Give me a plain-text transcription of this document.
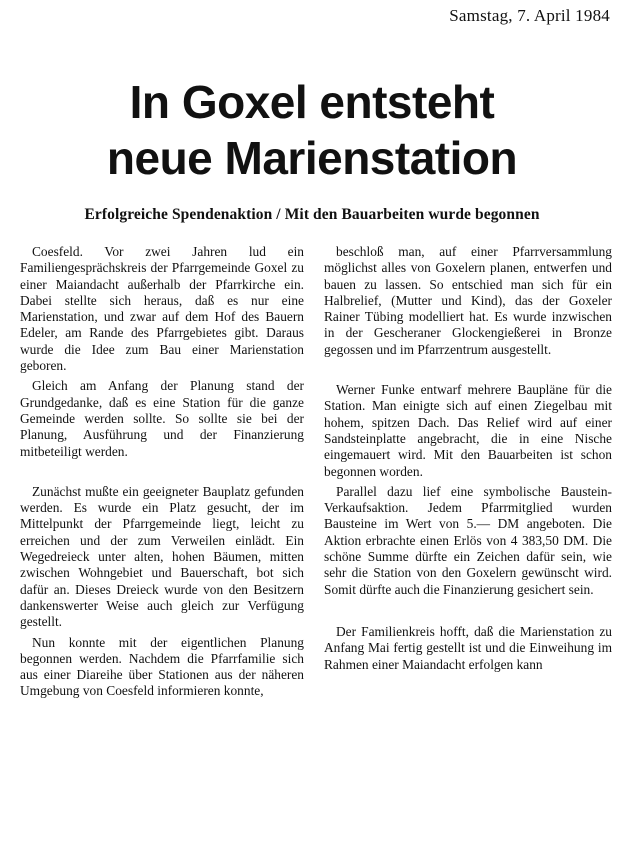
Samstag, 7. April 1984
In Goxel entsteht
neue Marienstation
Erfolgreiche Spendenaktion / Mit den Bauarbeiten wurde begonnen

Coesfeld. Vor zwei Jahren lud ein Familiengesprächskreis der Pfarrgemeinde Goxel zu einer Maiandacht außerhalb der Pfarrkirche ein. Dabei stellte sich heraus, daß es nur eine Marienstation, und zwar auf dem Hof des Bauern Edeler, am Rande des Pfarrgebietes gibt. Daraus wurde die Idee zum Bau einer Marienstation geboren.

Gleich am Anfang der Planung stand der Grundgedanke, daß es eine Station für die ganze Gemeinde werden sollte. So sollte sie bei der Planung, Ausführung und der Finanzierung mitbeteiligt werden.

Zunächst mußte ein geeigneter Bauplatz gefunden werden. Es wurde ein Platz gesucht, der im Mittelpunkt der Pfarrgemeinde liegt, leicht zu erreichen und der zum Verweilen einlädt. Ein Wegedreieck unter alten, hohen Bäumen, mitten zwischen Wohngebiet und Bauerschaft, bot sich dafür an. Dieses Dreieck wurde von den Besitzern dankenswerter Weise auch gleich zur Verfügung gestellt.

Nun konnte mit der eigentlichen Planung begonnen werden. Nachdem die Pfarrfamilie sich aus einer Diareihe über Stationen aus der näheren Umgebung von Coesfeld informieren konnte,

beschloß man, auf einer Pfarrversammlung möglichst alles von Goxelern planen, entwerfen und bauen zu lassen. So entschied man sich für ein Halbrelief, (Mutter und Kind), das der Goxeler Rainer Tübing modelliert hat. Es wurde inzwischen in der Gescheraner Glockengießerei in Bronze gegossen und im Pfarrzentrum ausgestellt.

Werner Funke entwarf mehrere Baupläne für die Station. Man einigte sich auf einen Ziegelbau mit hohem, spitzen Dach. Das Relief wird auf einer Sandsteinplatte angebracht, die in eine Nische eingemauert wird. Mit den Bauarbeiten ist schon begonnen worden.

Parallel dazu lief eine symbolische Baustein-Verkaufsaktion. Jedem Pfarrmitglied wurden Bausteine im Wert von 5.— DM angeboten. Die Aktion erbrachte einen Erlös von 4 383,50 DM. Die schöne Summe dürfte ein Zeichen dafür sein, wie sehr die Station von den Goxelern gewünscht wird. Somit dürfte auch die Finanzierung gesichert sein.

Der Familienkreis hofft, daß die Marienstation zu Anfang Mai fertig gestellt ist und die Einweihung im Rahmen einer Maiandacht erfolgen kann
